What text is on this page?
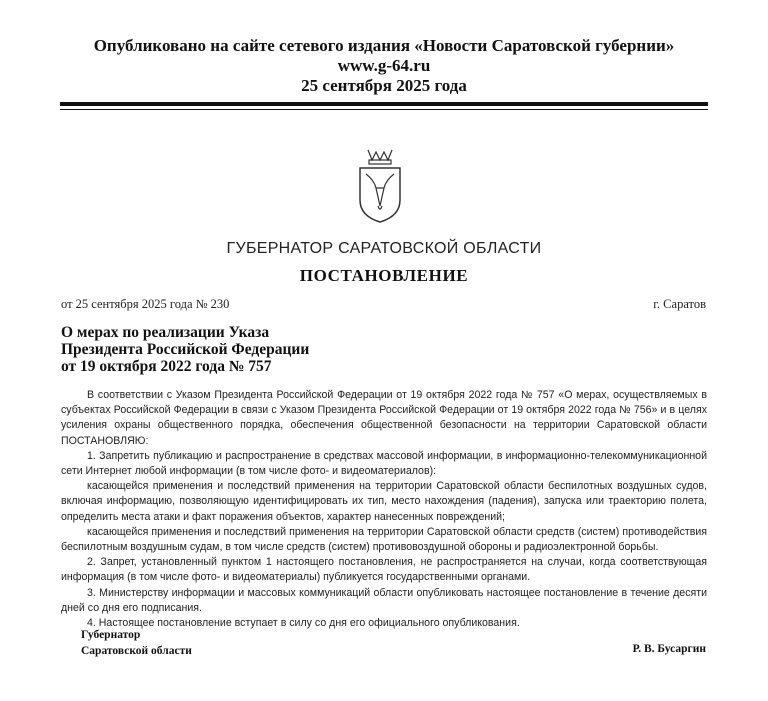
Опубликовано на сайте сетевого издания «Новости Саратовской губернии»
www.g-64.ru
25 сентября 2025 года
ГУБЕРНАТОР САРАТОВСКОЙ ОБЛАСТИ
ПОСТАНОВЛЕНИЕ
от 25 сентября 2025 года № 230	г. Саратов
О мерах по реализации Указа
Президента Российской Федерации
от 19 октября 2022 года № 757

В соответствии с Указом Президента Российской Федерации от 19 октября 2022 года № 757 «О мерах, осуществляемых в субъектах Российской Федерации в связи с Указом Президента Российской Федерации от 19 октября 2022 года № 756» и в целях усиления охраны общественного порядка, обеспечения общественной безопасности на территории Саратовской области ПОСТАНОВЛЯЮ:

1. Запретить публикацию и распространение в средствах массовой информации, в информационно-телекоммуникационной сети Интернет любой информации (в том числе фото- и видеоматериалов):

касающейся применения и последствий применения на территории Саратовской области беспилотных воздушных судов, включая информацию, позволяющую идентифицировать их тип, место нахождения (падения), запуска или траекторию полета, определить места атаки и факт поражения объектов, характер нанесенных повреждений;

касающейся применения и последствий применения на территории Саратовской области средств (систем) противодействия беспилотным воздушным судам, в том числе средств (систем) противовоздушной обороны и радиоэлектронной борьбы.

2. Запрет, установленный пунктом 1 настоящего постановления, не распространяется на случаи, когда соответствующая информация (в том числе фото- и видеоматериалы) публикуется государственными органами.

3. Министерству информации и массовых коммуникаций области опубликовать настоящее постановление в течение десяти дней со дня его подписания.

4. Настоящее постановление вступает в силу со дня его официального опубликования.

Губернатор
Саратовской области	Р. В. Бусаргин
